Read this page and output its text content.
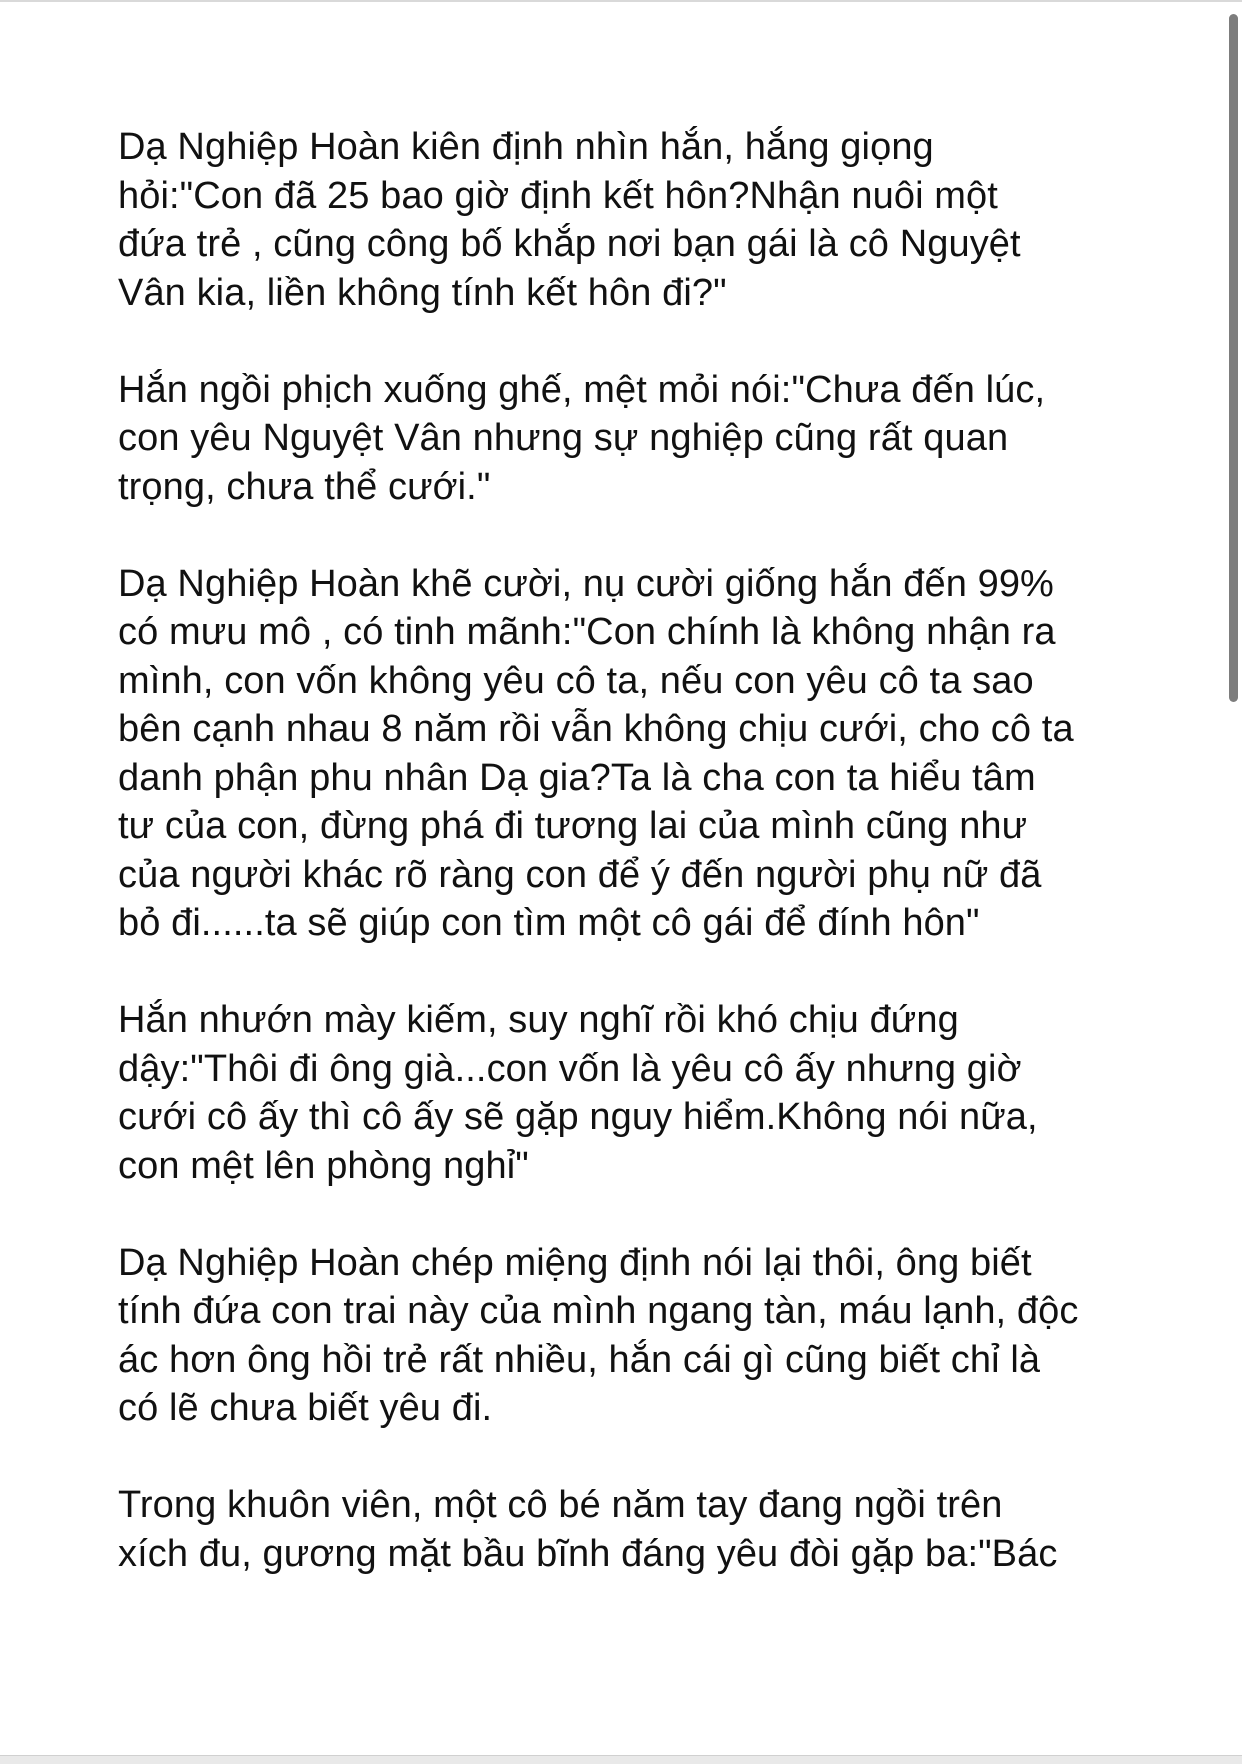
Dạ Nghiệp Hoàn kiên định nhìn hắn, hắng giọng
hỏi:"Con đã 25 bao giờ định kết hôn?Nhận nuôi một
đứa trẻ , cũng công bố khắp nơi bạn gái là cô Nguyệt
Vân kia, liền không tính kết hôn đi?"

Hắn ngồi phịch xuống ghế, mệt mỏi nói:"Chưa đến lúc,
con yêu Nguyệt Vân nhưng sự nghiệp cũng rất quan
trọng, chưa thể cưới."

Dạ Nghiệp Hoàn khẽ cười, nụ cười giống hắn đến 99%
có mưu mô , có tinh mãnh:"Con chính là không nhận ra
mình, con vốn không yêu cô ta, nếu con yêu cô ta sao
bên cạnh nhau 8 năm rồi vẫn không chịu cưới, cho cô ta
danh phận phu nhân Dạ gia?Ta là cha con ta hiểu tâm
tư của con, đừng phá đi tương lai của mình cũng như
của người khác rõ ràng con để ý đến người phụ nữ đã
bỏ đi......ta sẽ giúp con tìm một cô gái để đính hôn"

Hắn nhướn mày kiếm, suy nghĩ rồi khó chịu đứng
dậy:"Thôi đi ông già...con vốn là yêu cô ấy nhưng giờ
cưới cô ấy thì cô ấy sẽ gặp nguy hiểm.Không nói nữa,
con mệt lên phòng nghỉ"

Dạ Nghiệp Hoàn chép miệng định nói lại thôi, ông biết
tính đứa con trai này của mình ngang tàn, máu lạnh, độc
ác hơn ông hồi trẻ rất nhiều, hắn cái gì cũng biết chỉ là
có lẽ chưa biết yêu đi.

Trong khuôn viên, một cô bé năm tay đang ngồi trên
xích đu, gương mặt bầu bĩnh đáng yêu đòi gặp ba:"Bác
